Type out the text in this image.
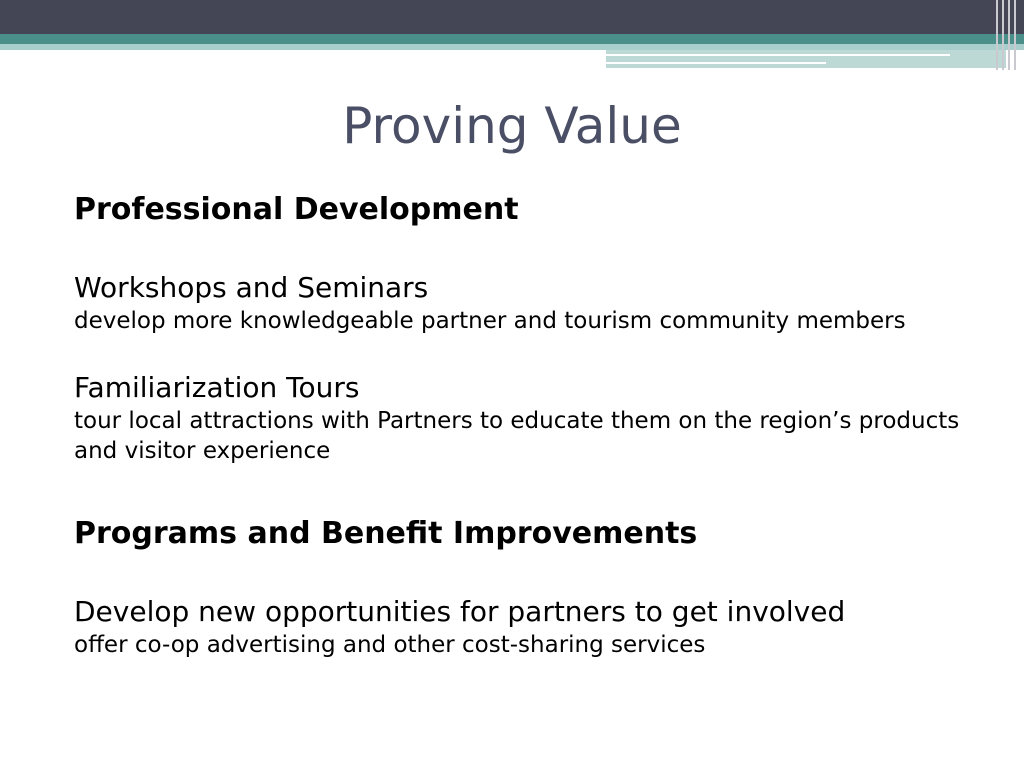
Proving Value

Professional Development

Workshops and Seminars

develop more knowledgeable partner and tourism community members

Familiarization Tours

tour local attractions with Partners to educate them on the region’s products and visitor experience

Programs and Benefit Improvements

Develop new opportunities for partners to get involved

offer co-op advertising and other cost-sharing services
